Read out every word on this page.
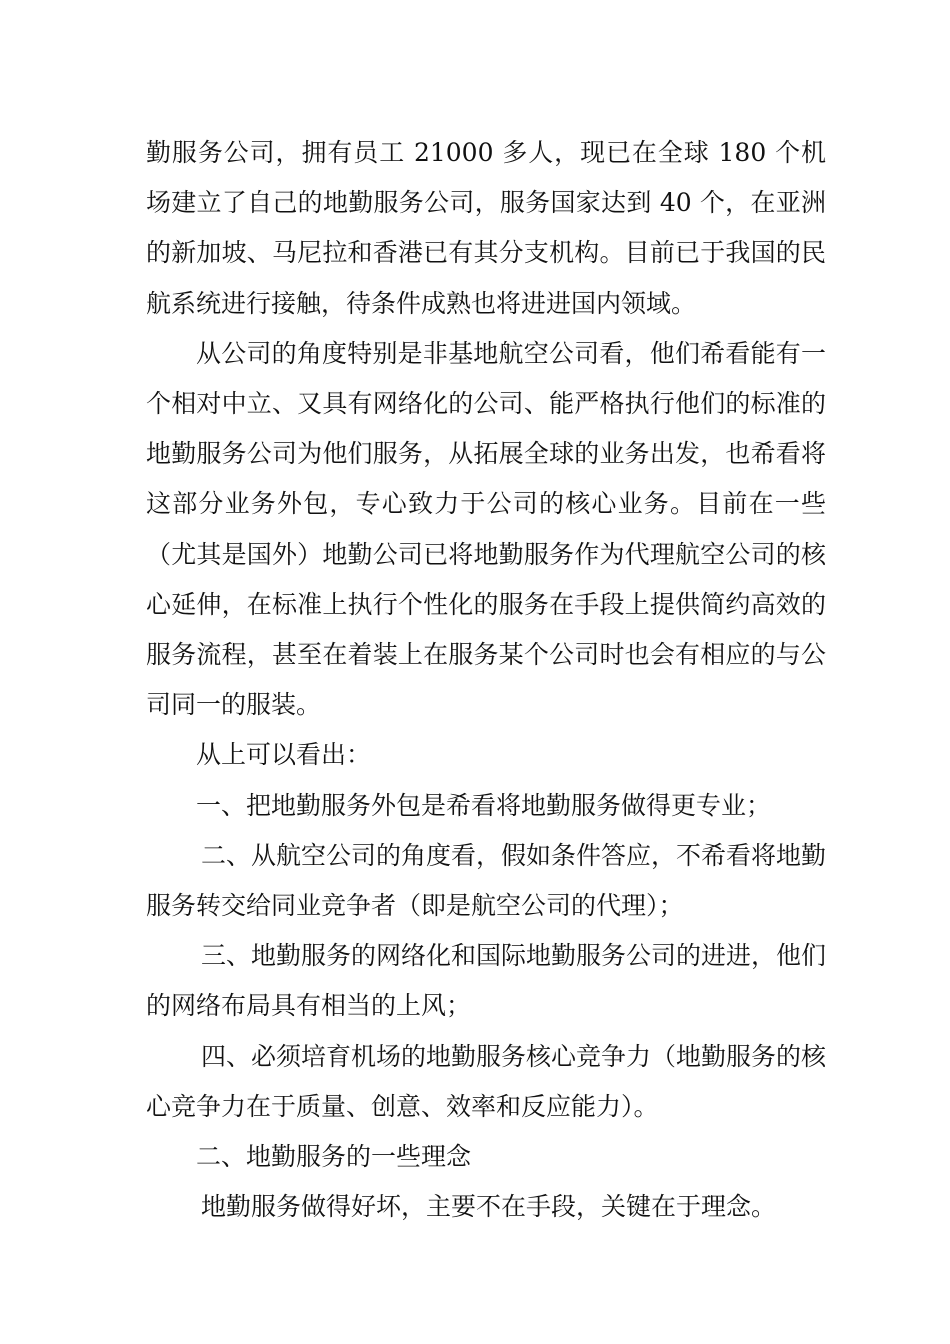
勤服务公司，拥有员工 21000 多人，现已在全球 180 个机场建立了自己的地勤服务公司，服务国家达到 40 个，在亚洲的新加坡、马尼拉和香港已有其分支机构。目前已于我国的民航系统进行接触，待条件成熟也将进进国内领域。

从公司的角度特别是非基地航空公司看，他们希看能有一个相对中立、又具有网络化的公司、能严格执行他们的标准的地勤服务公司为他们服务，从拓展全球的业务出发，也希看将这部分业务外包，专心致力于公司的核心业务。目前在一些（尤其是国外）地勤公司已将地勤服务作为代理航空公司的核心延伸，在标准上执行个性化的服务在手段上提供简约高效的服务流程，甚至在着装上在服务某个公司时也会有相应的与公司同一的服装。

从上可以看出：

一、把地勤服务外包是希看将地勤服务做得更专业；

二、从航空公司的角度看，假如条件答应，不希看将地勤服务转交给同业竞争者（即是航空公司的代理）；

三、地勤服务的网络化和国际地勤服务公司的进进，他们的网络布局具有相当的上风；

四、必须培育机场的地勤服务核心竞争力（地勤服务的核心竞争力在于质量、创意、效率和反应能力）。

二、地勤服务的一些理念

地勤服务做得好坏，主要不在手段，关键在于理念。
